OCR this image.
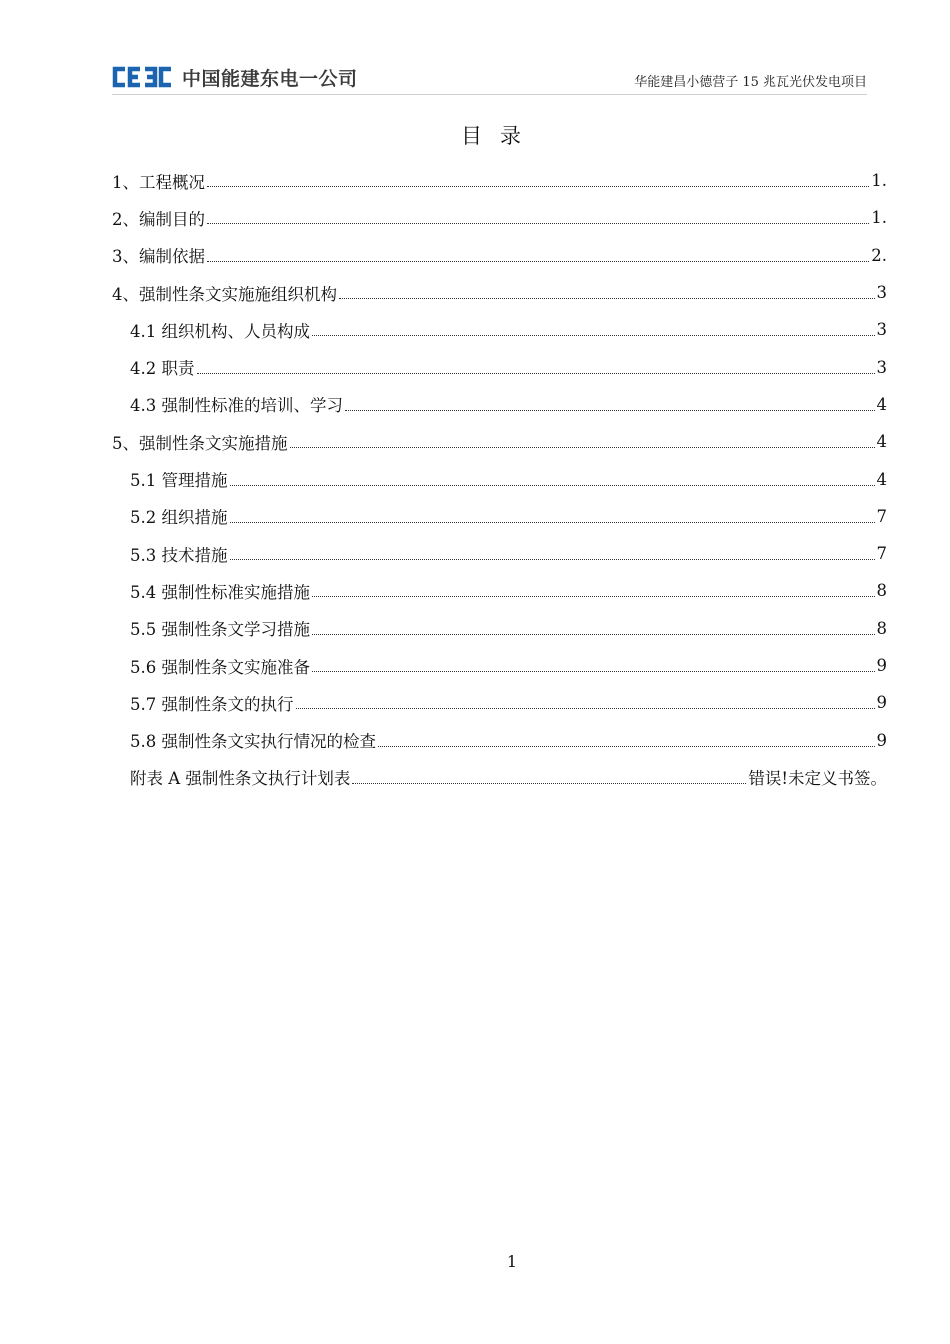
中国能建东电一公司	华能建昌小德营子 15 兆瓦光伏发电项目
目录
1、工程概况	1.
2、编制目的	1.
3、编制依据	2.
4、强制性条文实施施组织机构	3
4.1 组织机构、人员构成	3
4.2 职责	3
4.3 强制性标准的培训、学习	4
5、强制性条文实施措施	4
5.1 管理措施	4
5.2 组织措施	7
5.3 技术措施	7
5.4 强制性标准实施措施	8
5.5 强制性条文学习措施	8
5.6 强制性条文实施准备	9
5.7 强制性条文的执行	9
5.8 强制性条文实执行情况的检查	9
附表 A 强制性条文执行计划表	错误!未定义书签。
1
